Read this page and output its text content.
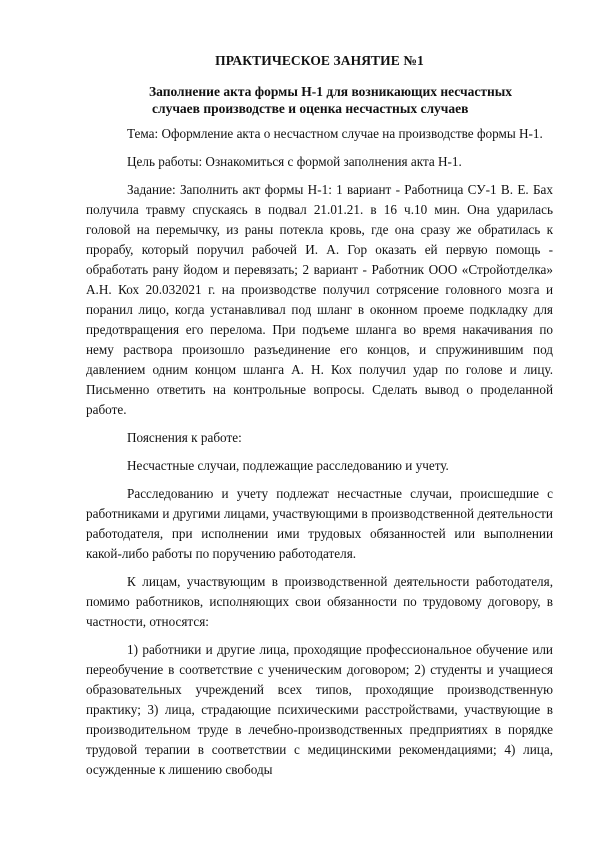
ПРАКТИЧЕСКОЕ ЗАНЯТИЕ №1
Заполнение акта формы Н-1 для возникающих несчастных
случаев производстве и оценка несчастных случаев

Тема: Оформление акта о несчастном случае на производстве формы Н-1.

Цель работы: Ознакомиться с формой заполнения акта Н-1.

Задание: Заполнить акт формы Н-1: 1 вариант - Работница СУ-1 В. Е. Бах получила травму спускаясь в подвал 21.01.21. в 16 ч.10 мин. Она ударилась головой на перемычку, из раны потекла кровь, где она сразу же обратилась к прорабу, который поручил рабочей И. А. Гор оказать ей первую помощь - обработать рану йодом и перевязать; 2 вариант - Работник ООО «Стройотделка» А.Н. Кох 20.032021 г. на производстве получил сотрясение головного мозга и поранил лицо, когда устанавливал под шланг в оконном проеме подкладку для предотвращения его перелома. При подъеме шланга во время накачивания по нему раствора произошло разъединение его концов, и спружинившим под давлением одним концом шланга А. Н. Кох получил удар по голове и лицу. Письменно ответить на контрольные вопросы. Сделать вывод о проделанной работе.

Пояснения к работе:

Несчастные случаи, подлежащие расследованию и учету.

Расследованию и учету подлежат несчастные случаи, происшедшие с работниками и другими лицами, участвующими в производственной деятельности работодателя, при исполнении ими трудовых обязанностей или выполнении какой-либо работы по поручению работодателя.

К лицам, участвующим в производственной деятельности работодателя, помимо работников, исполняющих свои обязанности по трудовому договору, в частности, относятся:

1) работники и другие лица, проходящие профессиональное обучение или переобучение в соответствие с ученическим договором; 2) студенты и учащиеся образовательных учреждений всех типов, проходящие производственную практику; 3) лица, страдающие психическими расстройствами, участвующие в производительном труде в лечебно-производственных предприятиях в порядке трудовой терапии в соответствии с медицинскими рекомендациями; 4) лица, осужденные к лишению свободы
